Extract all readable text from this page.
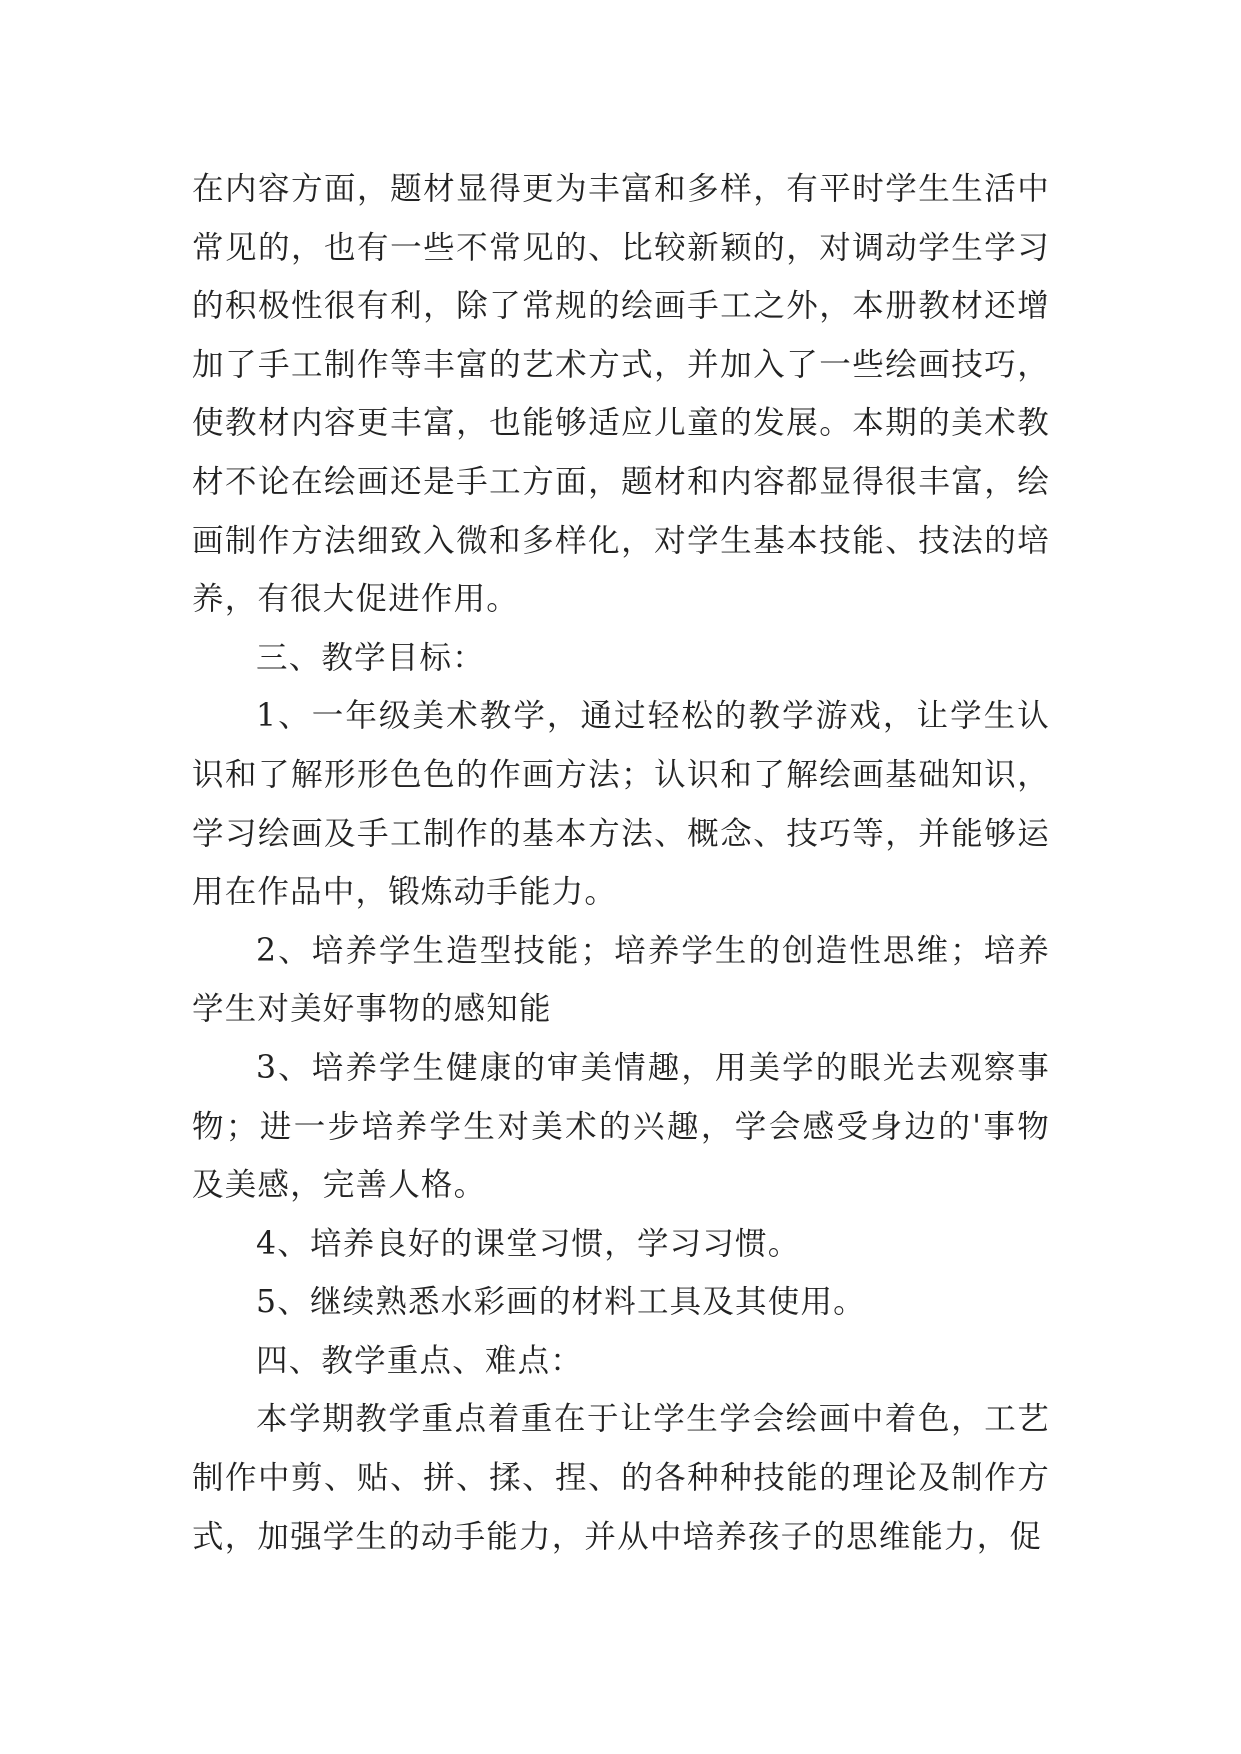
在内容方面，题材显得更为丰富和多样，有平时学生生活中常见的，也有一些不常见的、比较新颖的，对调动学生学习的积极性很有利，除了常规的绘画手工之外，本册教材还增加了手工制作等丰富的艺术方式，并加入了一些绘画技巧，使教材内容更丰富，也能够适应儿童的发展。本期的美术教材不论在绘画还是手工方面，题材和内容都显得很丰富，绘画制作方法细致入微和多样化，对学生基本技能、技法的培养，有很大促进作用。

三、教学目标：

1、一年级美术教学，通过轻松的教学游戏，让学生认识和了解形形色色的作画方法；认识和了解绘画基础知识，学习绘画及手工制作的基本方法、概念、技巧等，并能够运用在作品中，锻炼动手能力。

2、培养学生造型技能；培养学生的创造性思维；培养学生对美好事物的感知能

3、培养学生健康的审美情趣，用美学的眼光去观察事物；进一步培养学生对美术的兴趣，学会感受身边的'事物及美感，完善人格。

4、培养良好的课堂习惯，学习习惯。

5、继续熟悉水彩画的材料工具及其使用。

四、教学重点、难点：

本学期教学重点着重在于让学生学会绘画中着色，工艺制作中剪、贴、拼、揉、捏、的各种种技能的理论及制作方式，加强学生的动手能力，并从中培养孩子的思维能力，促
